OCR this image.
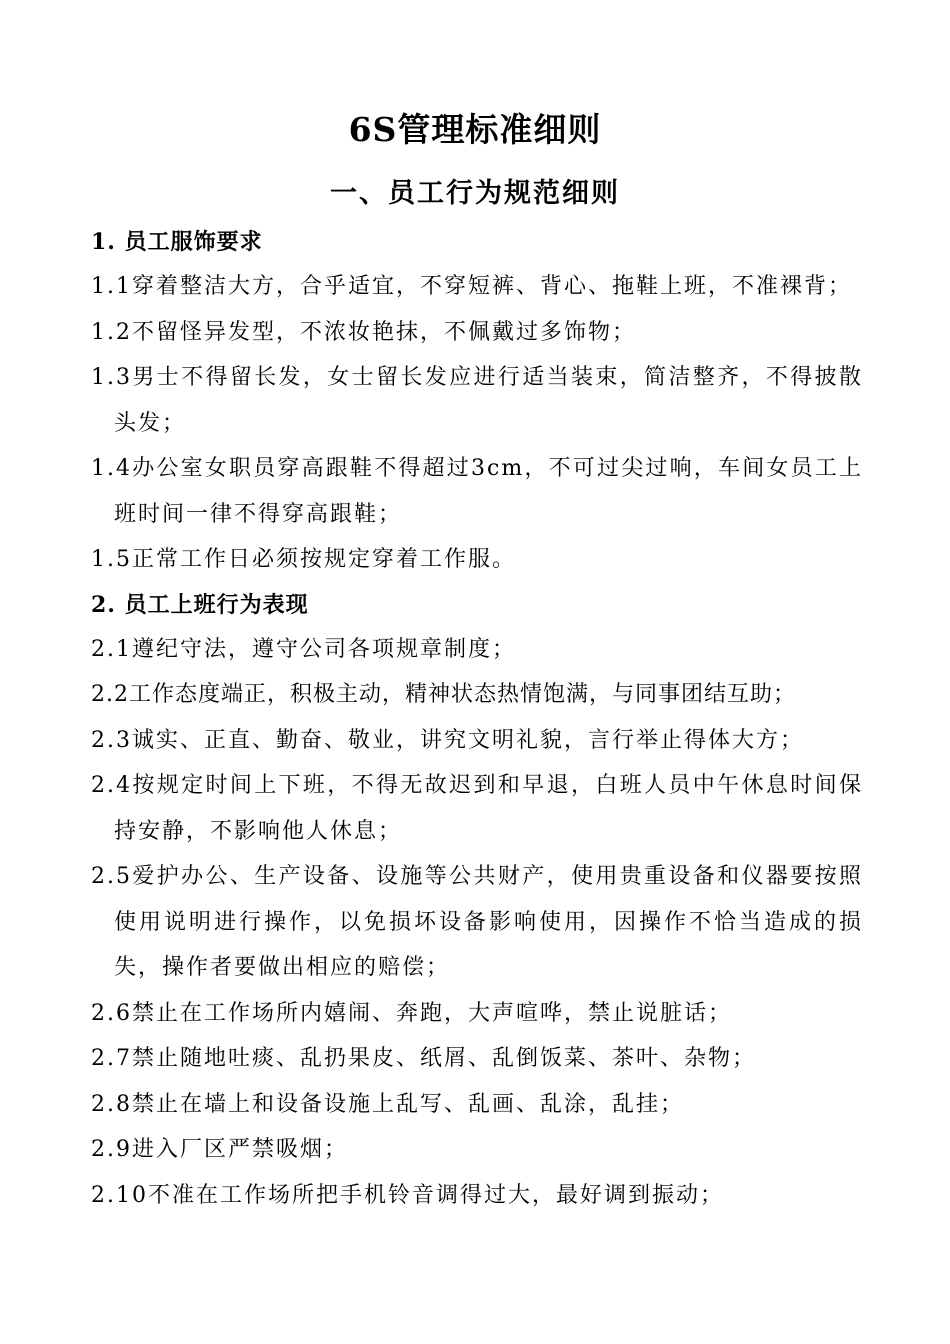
6S管理标准细则
一、员工行为规范细则
1. 员工服饰要求
1.1穿着整洁大方，合乎适宜，不穿短裤、背心、拖鞋上班，不准裸背；
1.2不留怪异发型，不浓妆艳抹，不佩戴过多饰物；
1.3男士不得留长发，女士留长发应进行适当装束，简洁整齐，不得披散头发；
1.4办公室女职员穿高跟鞋不得超过3cm，不可过尖过响，车间女员工上班时间一律不得穿高跟鞋；
1.5正常工作日必须按规定穿着工作服。
2. 员工上班行为表现
2.1遵纪守法，遵守公司各项规章制度；
2.2工作态度端正，积极主动，精神状态热情饱满，与同事团结互助；
2.3诚实、正直、勤奋、敬业，讲究文明礼貌，言行举止得体大方；
2.4按规定时间上下班，不得无故迟到和早退，白班人员中午休息时间保持安静，不影响他人休息；
2.5爱护办公、生产设备、设施等公共财产，使用贵重设备和仪器要按照使用说明进行操作，以免损坏设备影响使用，因操作不恰当造成的损失，操作者要做出相应的赔偿；
2.6禁止在工作场所内嬉闹、奔跑，大声喧哗，禁止说脏话；
2.7禁止随地吐痰、乱扔果皮、纸屑、乱倒饭菜、茶叶、杂物；
2.8禁止在墙上和设备设施上乱写、乱画、乱涂，乱挂；
2.9进入厂区严禁吸烟；
2.10不准在工作场所把手机铃音调得过大，最好调到振动；
